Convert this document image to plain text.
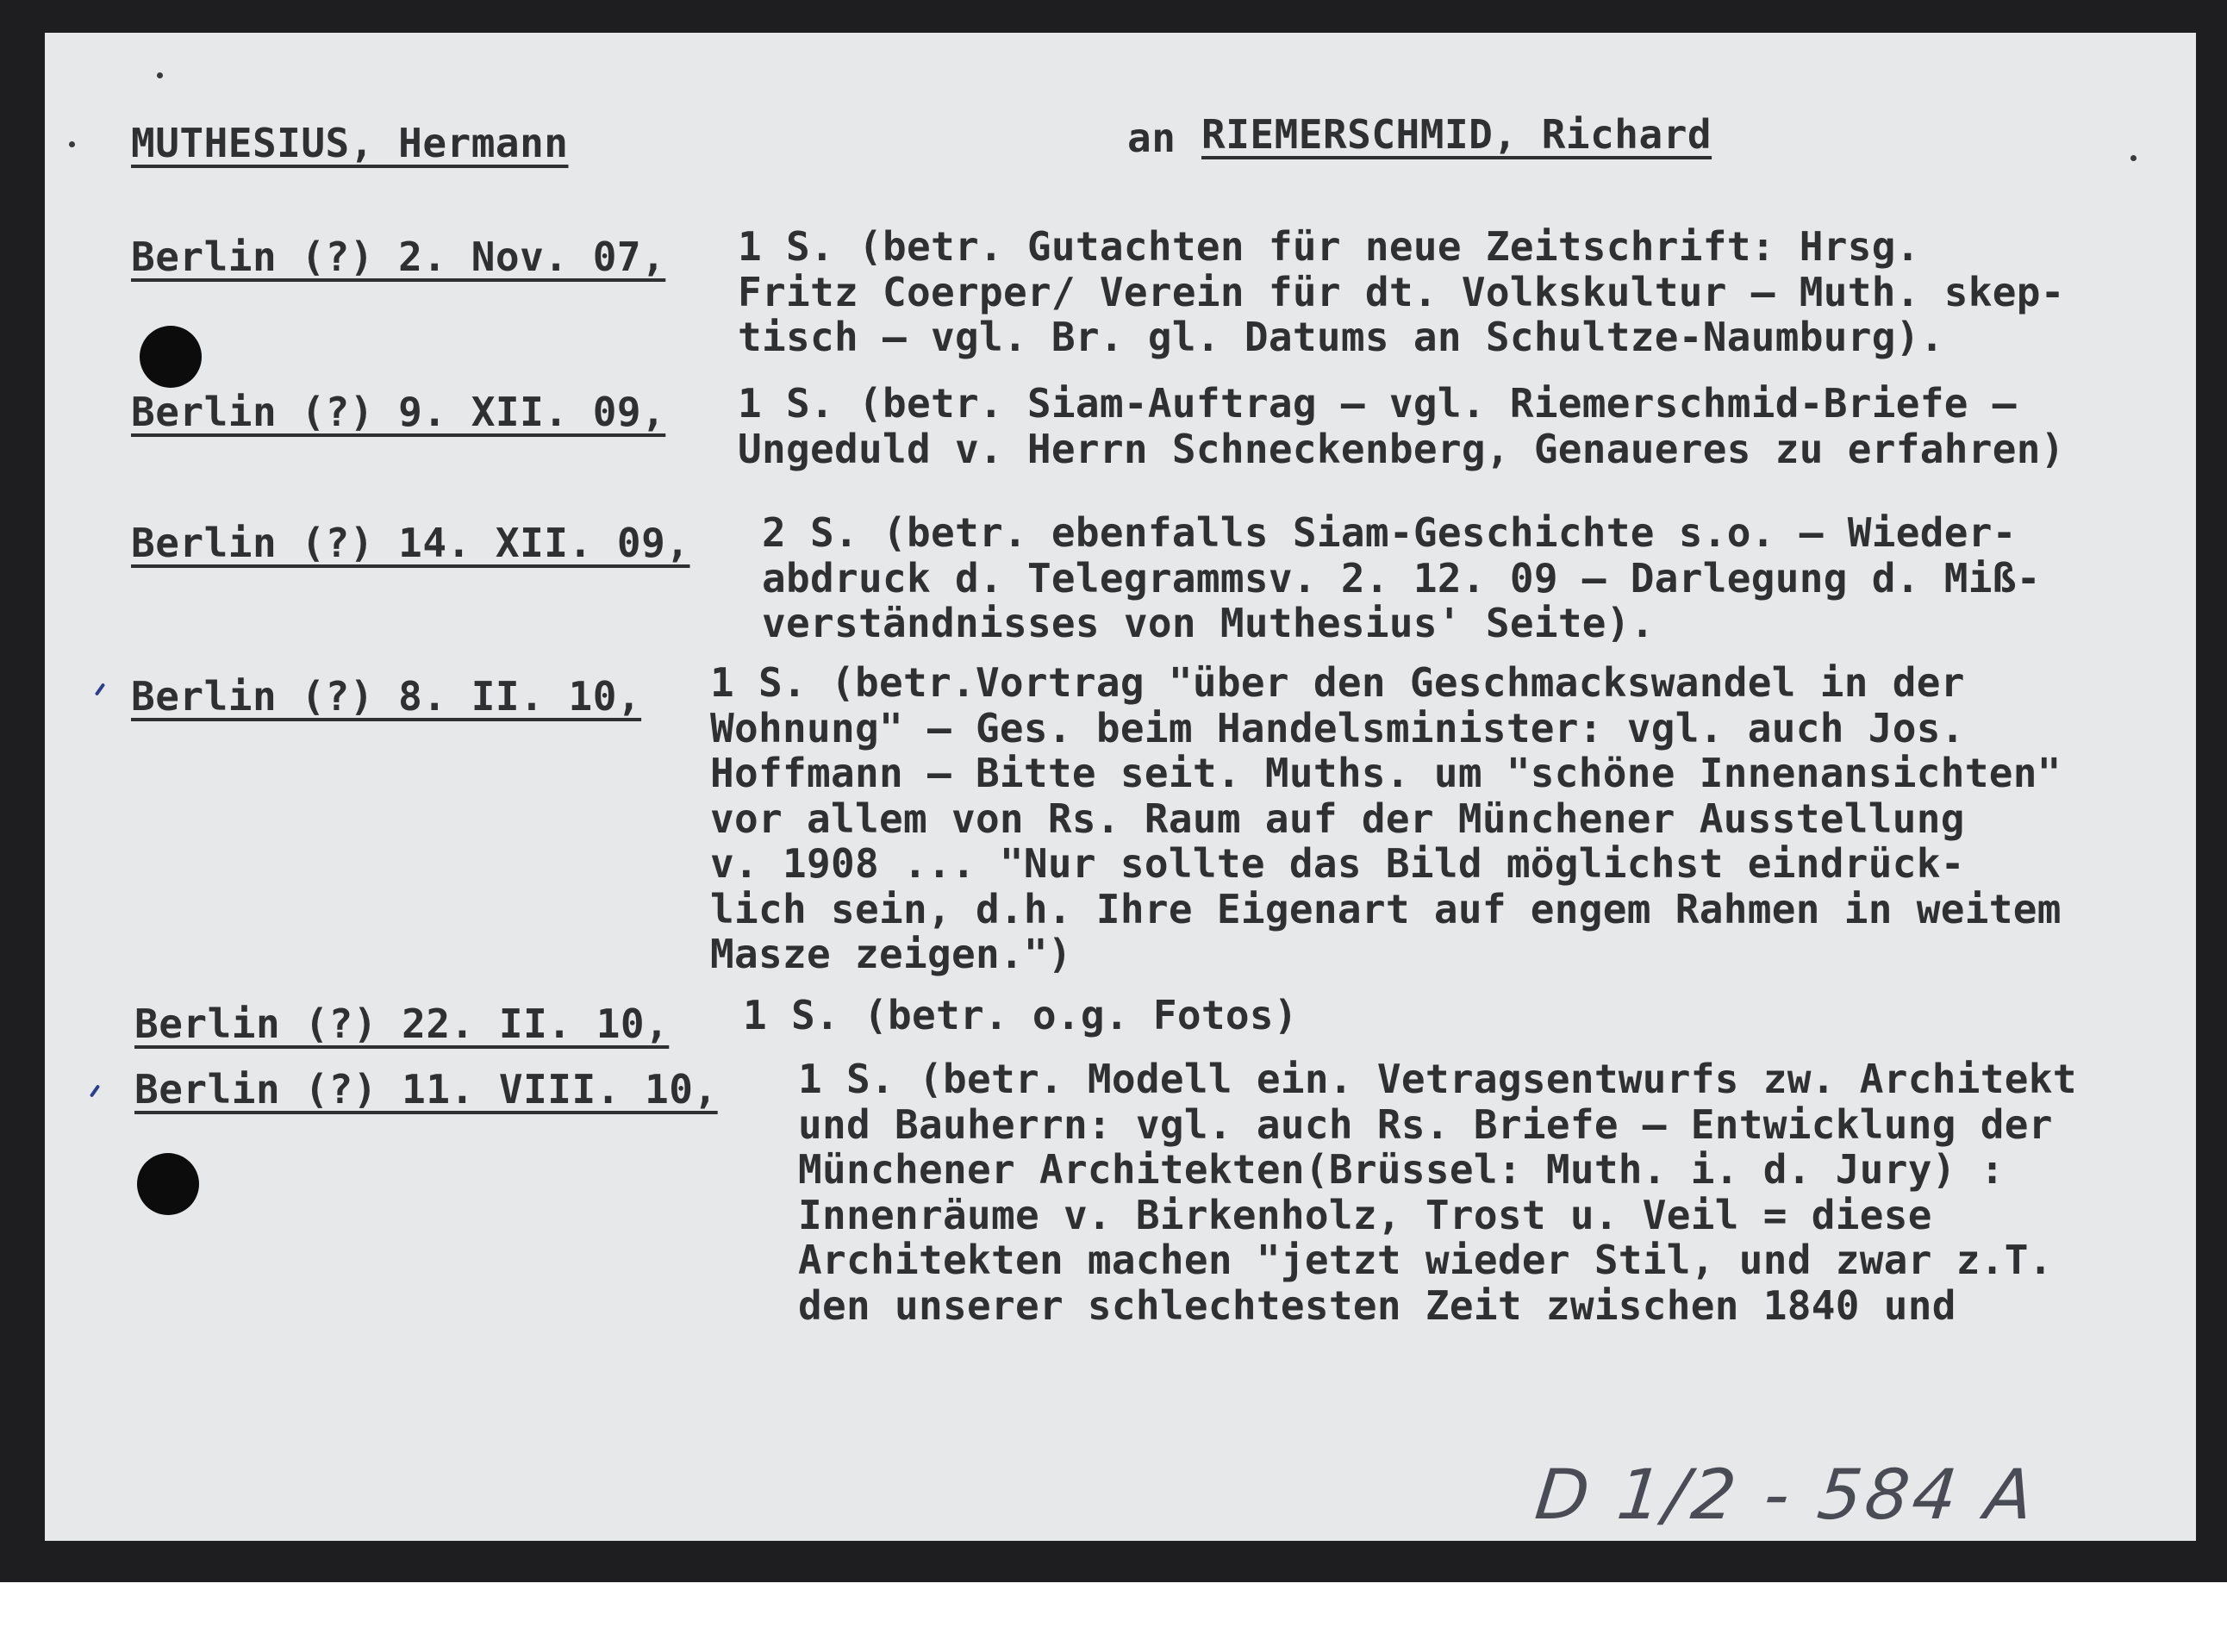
MUTHESIUS, Hermann	an RIEMERSCHMID, Richard
Berlin (?) 2. Nov. 07, 1 S. (betr. Gutachten für neue Zeitschrift: Hrsg.
Fritz Coerper/ Verein für dt. Volkskultur – Muth. skep-
tisch – vgl. Br. gl. Datums an Schultze-Naumburg).
Berlin (?) 9. XII. 09, 1 S. (betr. Siam-Auftrag – vgl. Riemerschmid-Briefe –
Ungeduld v. Herrn Schneckenberg, Genaueres zu erfahren)
Berlin (?) 14. XII. 09, 2 S. (betr. ebenfalls Siam-Geschichte s.o. – Wieder-
abdruck d. Telegrammsv. 2. 12. 09 – Darlegung d. Miß-
verständnisses von Muthesius' Seite).
Berlin (?) 8. II. 10, 1 S. (betr.Vortrag "über den Geschmackswandel in der
Wohnung" – Ges. beim Handelsminister: vgl. auch Jos.
Hoffmann – Bitte seit. Muths. um "schöne Innenansichten"
vor allem von Rs. Raum auf der Münchener Ausstellung
v. 1908 ... "Nur sollte das Bild möglichst eindrück-
lich sein, d.h. Ihre Eigenart auf engem Rahmen in weitem
Masze zeigen.")
Berlin (?) 22. II. 10, 1 S. (betr. o.g. Fotos)
Berlin (?) 11. VIII. 10, 1 S. (betr. Modell ein. Vetragsentwurfs zw. Architekt
und Bauherrn: vgl. auch Rs. Briefe – Entwicklung der
Münchener Architekten(Brüssel: Muth. i. d. Jury) :
Innenräume v. Birkenholz, Trost u. Veil = diese
Architekten machen "jetzt wieder Stil, und zwar z.T.
den unserer schlechtesten Zeit zwischen 1840 und
D 1/2 - 584 A
